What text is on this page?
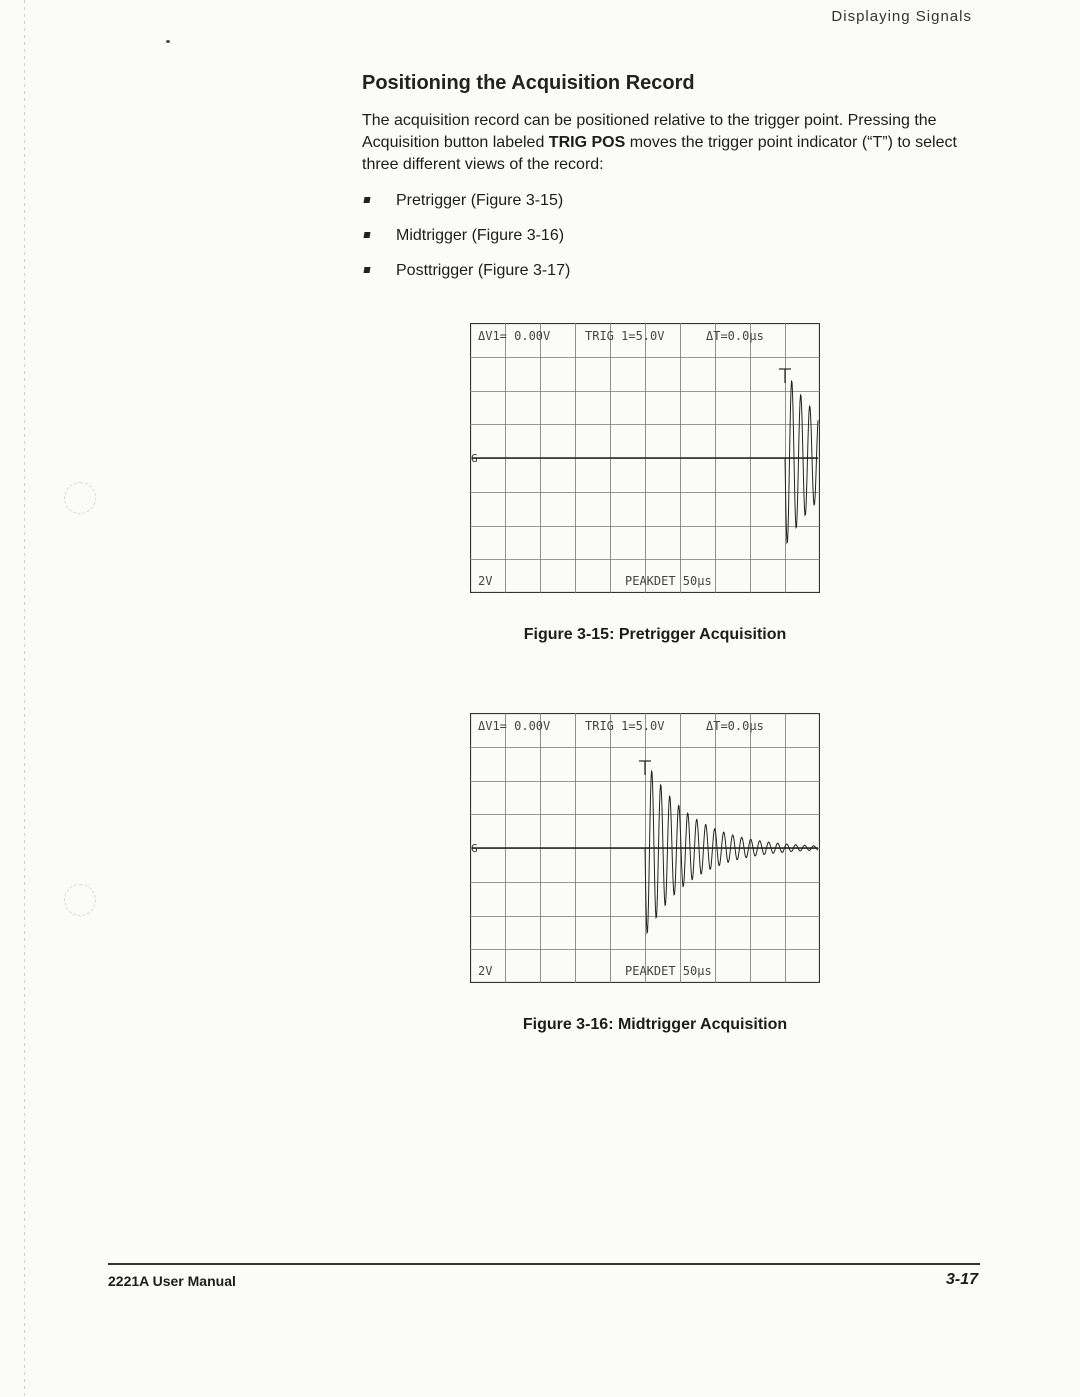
Displaying Signals
Positioning the Acquisition Record

The acquisition record can be positioned relative to the trigger point. Pressing the Acquisition button labeled TRIG POS moves the trigger point indicator (“T”) to select three different views of the record:

Pretrigger (Figure 3-15)
Midtrigger (Figure 3-16)
Posttrigger (Figure 3-17)
G
ΔV1= 0.00V	TRIG 1=5.0V	ΔT=0.0µs
2V	PEAKDET 50µs

Figure 3-15: Pretrigger Acquisition

G
ΔV1= 0.00V	TRIG 1=5.0V	ΔT=0.0µs
2V	PEAKDET 50µs

Figure 3-16: Midtrigger Acquisition

2221A User Manual	3-17
